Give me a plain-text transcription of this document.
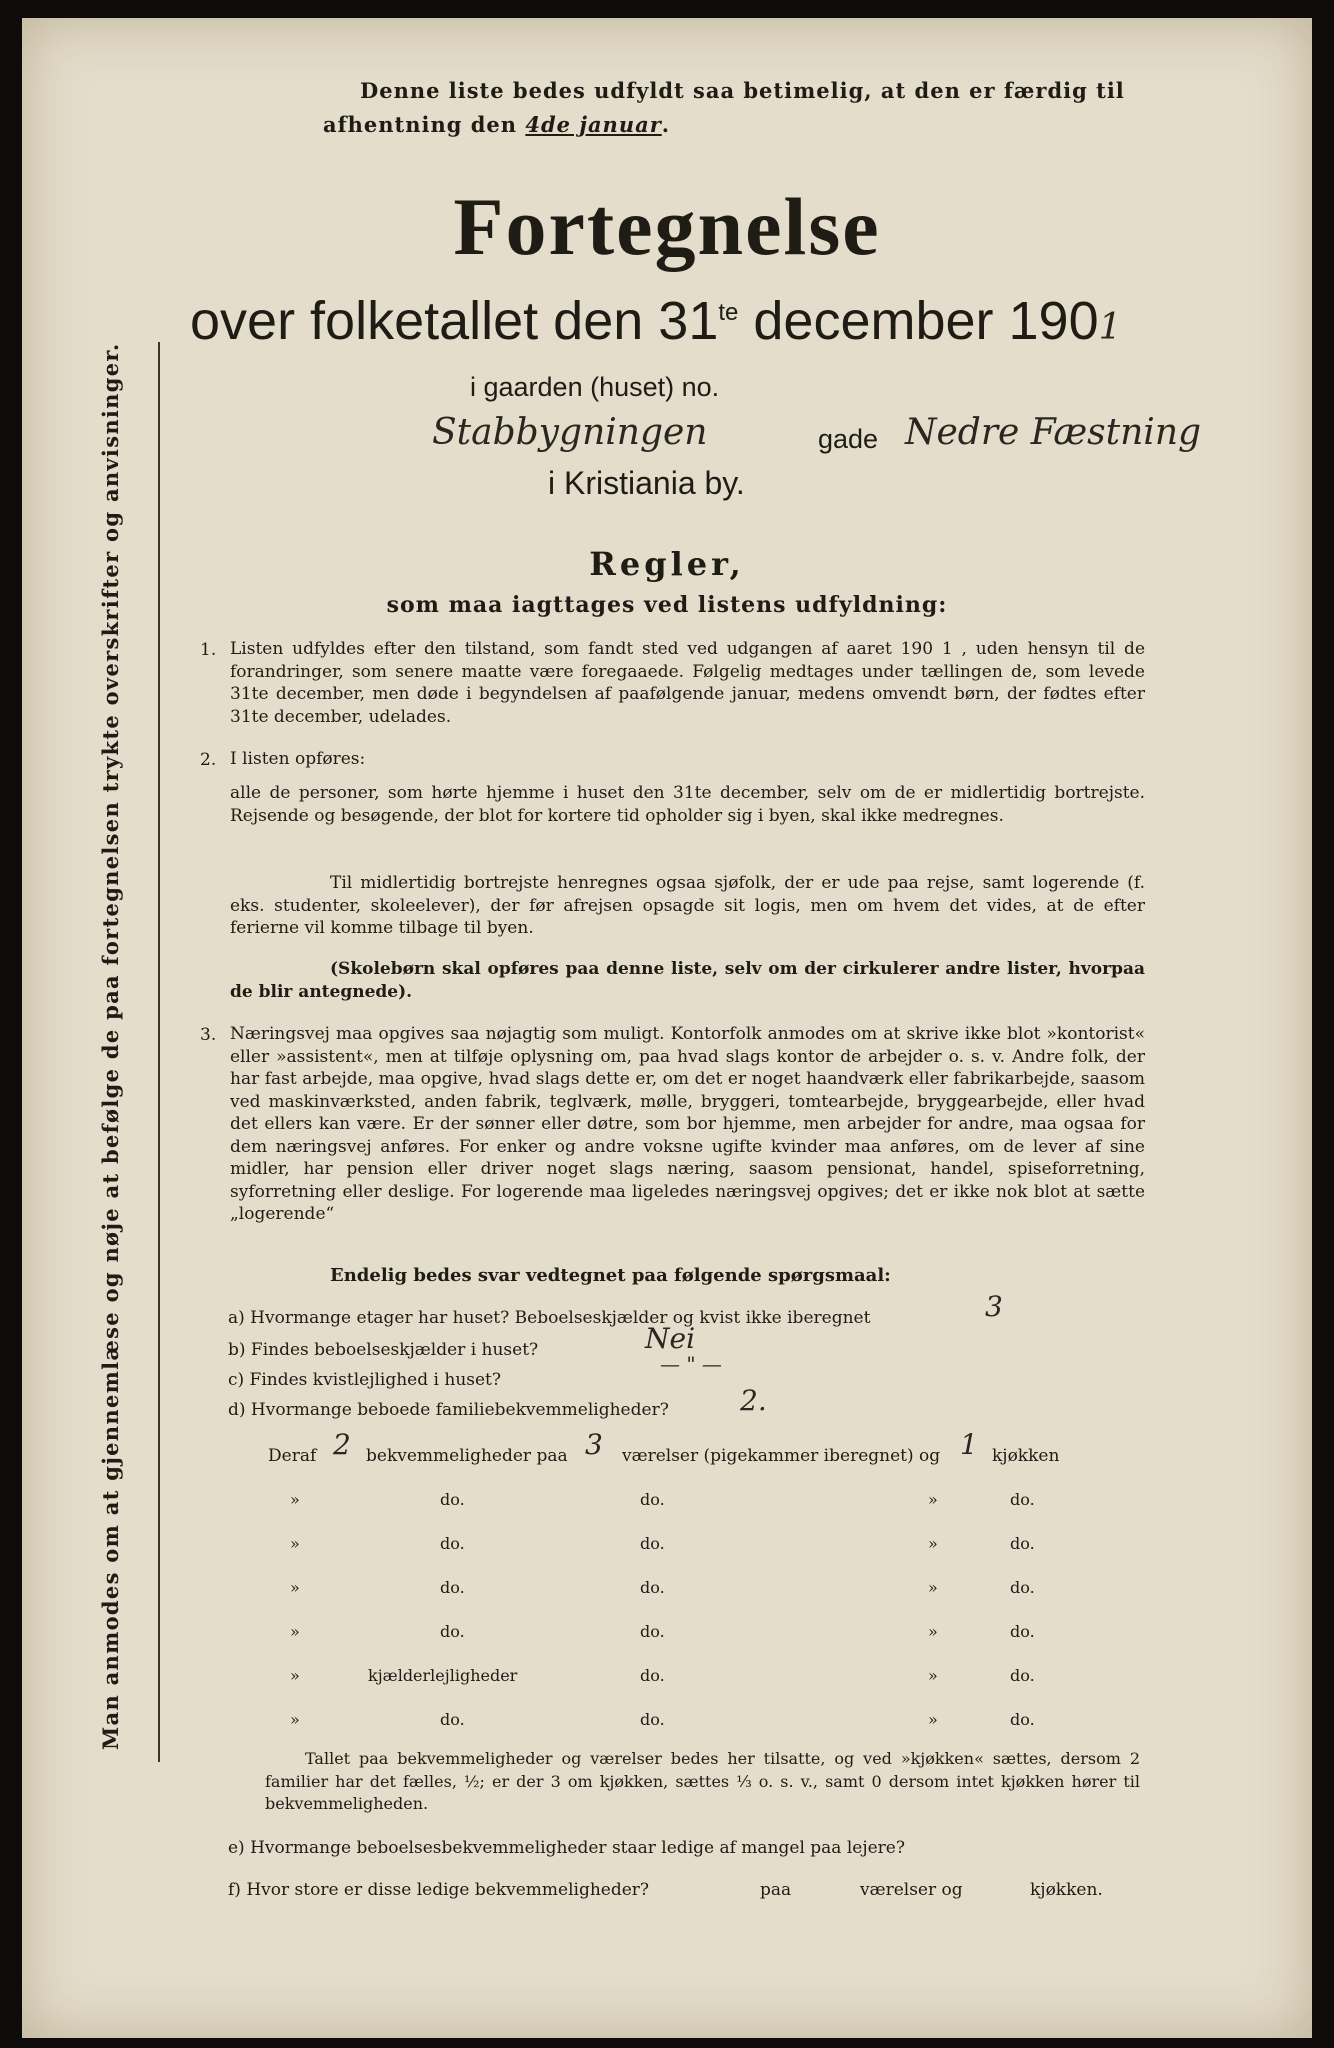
Man anmodes om at gjennemlæse og nøje at befølge de paa fortegnelsen trykte overskrifter og anvisninger.
Denne liste bedes udfyldt saa betimelig, at den er færdig til
afhentning den 4de januar.
Fortegnelse
over folketallet den $31^{te}$ december 1901
i gaarden (huset) no.
Stabbygningen	gade Nedre Fæstning
i Kristiania by.
Regler,
som maa iagttages ved listens udfyldning:
1. Listen udfyldes efter den tilstand, som fandt sted ved udgangen af aaret 190 1 , uden hensyn til de forandringer, som senere maatte være foregaaede. Følgelig medtages under tællingen de, som levede 31te december, men døde i begyndelsen af paafølgende januar, medens omvendt børn, der fødtes efter 31te december, udelades.
2. I listen opføres:
alle de personer, som hørte hjemme i huset den 31te december, selv om de er midlertidig bortrejste. Rejsende og besøgende, der blot for kortere tid opholder sig i byen, skal ikke medregnes.
Til midlertidig bortrejste henregnes ogsaa sjøfolk, der er ude paa rejse, samt logerende (f. eks. studenter, skoleelever), der før afrejsen opsagde sit logis, men om hvem det vides, at de efter ferierne vil komme tilbage til byen.
(Skolebørn skal opføres paa denne liste, selv om der cirkulerer andre lister, hvorpaa de blir antegnede).
3. Næringsvej maa opgives saa nøjagtig som muligt. Kontorfolk anmodes om at skrive ikke blot »kontorist« eller »assistent«, men at tilføje oplysning om, paa hvad slags kontor de arbejder o. s. v. Andre folk, der har fast arbejde, maa opgive, hvad slags dette er, om det er noget haandværk eller fabrikarbejde, saasom ved maskinværksted, anden fabrik, teglværk, mølle, bryggeri, tomtearbejde, bryggearbejde, eller hvad det ellers kan være. Er der sønner eller døtre, som bor hjemme, men arbejder for andre, maa ogsaa for dem næringsvej anføres. For enker og andre voksne ugifte kvinder maa anføres, om de lever af sine midler, har pension eller driver noget slags næring, saasom pensionat, handel, spiseforretning, syforretning eller deslige. For logerende maa ligeledes næringsvej opgives; det er ikke nok blot at sætte „logerende“
Endelig bedes svar vedtegnet paa følgende spørgsmaal:
a) Hvormange etager har huset? Beboelseskjælder og kvist ikke iberegnet	3
b) Findes beboelseskjælder i huset?	Nei
c) Findes kvistlejlighed i huset?
— " —
d) Hvormange beboede familiebekvemmeligheder?	2.
Deraf 2 bekvemmeligheder paa 3 værelser (pigekammer iberegnet) og 1 kjøkken
»	do.	do.	»	do.
»	do.	do.	»	do.
»	do.	do.	»	do.
»	do.	do.	»	do.
»	kjælderlejligheder	do.	»	do.
»	do.	do.	»	do.
Tallet paa bekvemmeligheder og værelser bedes her tilsatte, og ved »kjøkken« sættes, dersom 2 familier har det fælles, ½; er der 3 om kjøkken, sættes ⅓ o. s. v., samt 0 dersom intet kjøkken hører til bekvemmeligheden.
e) Hvormange beboelsesbekvemmeligheder staar ledige af mangel paa lejere?
f) Hvor store er disse ledige bekvemmeligheder?	paa	værelser og	kjøkken.
